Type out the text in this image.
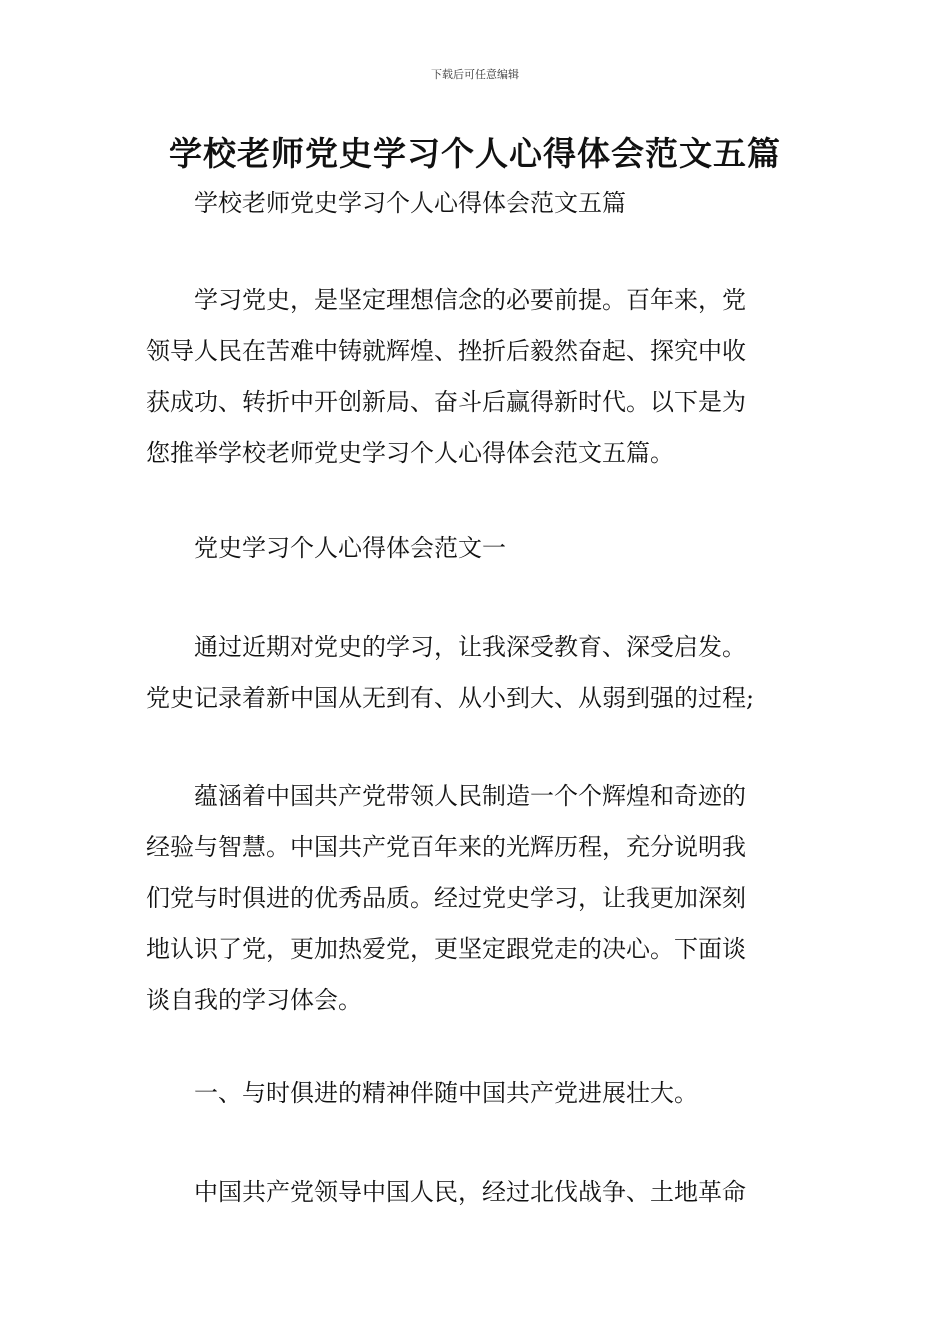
下载后可任意编辑
学校老师党史学习个人心得体会范文五篇
学校老师党史学习个人心得体会范文五篇
学习党史，是坚定理想信念的必要前提。百年来，党
领导人民在苦难中铸就辉煌、挫折后毅然奋起、探究中收
获成功、转折中开创新局、奋斗后赢得新时代。以下是为
您推举学校老师党史学习个人心得体会范文五篇。
党史学习个人心得体会范文一
通过近期对党史的学习，让我深受教育、深受启发。
党史记录着新中国从无到有、从小到大、从弱到强的过程;
蕴涵着中国共产党带领人民制造一个个辉煌和奇迹的
经验与智慧。中国共产党百年来的光辉历程，充分说明我
们党与时俱进的优秀品质。经过党史学习，让我更加深刻
地认识了党，更加热爱党，更坚定跟党走的决心。下面谈
谈自我的学习体会。
一、与时俱进的精神伴随中国共产党进展壮大。
中国共产党领导中国人民，经过北伐战争、土地革命
